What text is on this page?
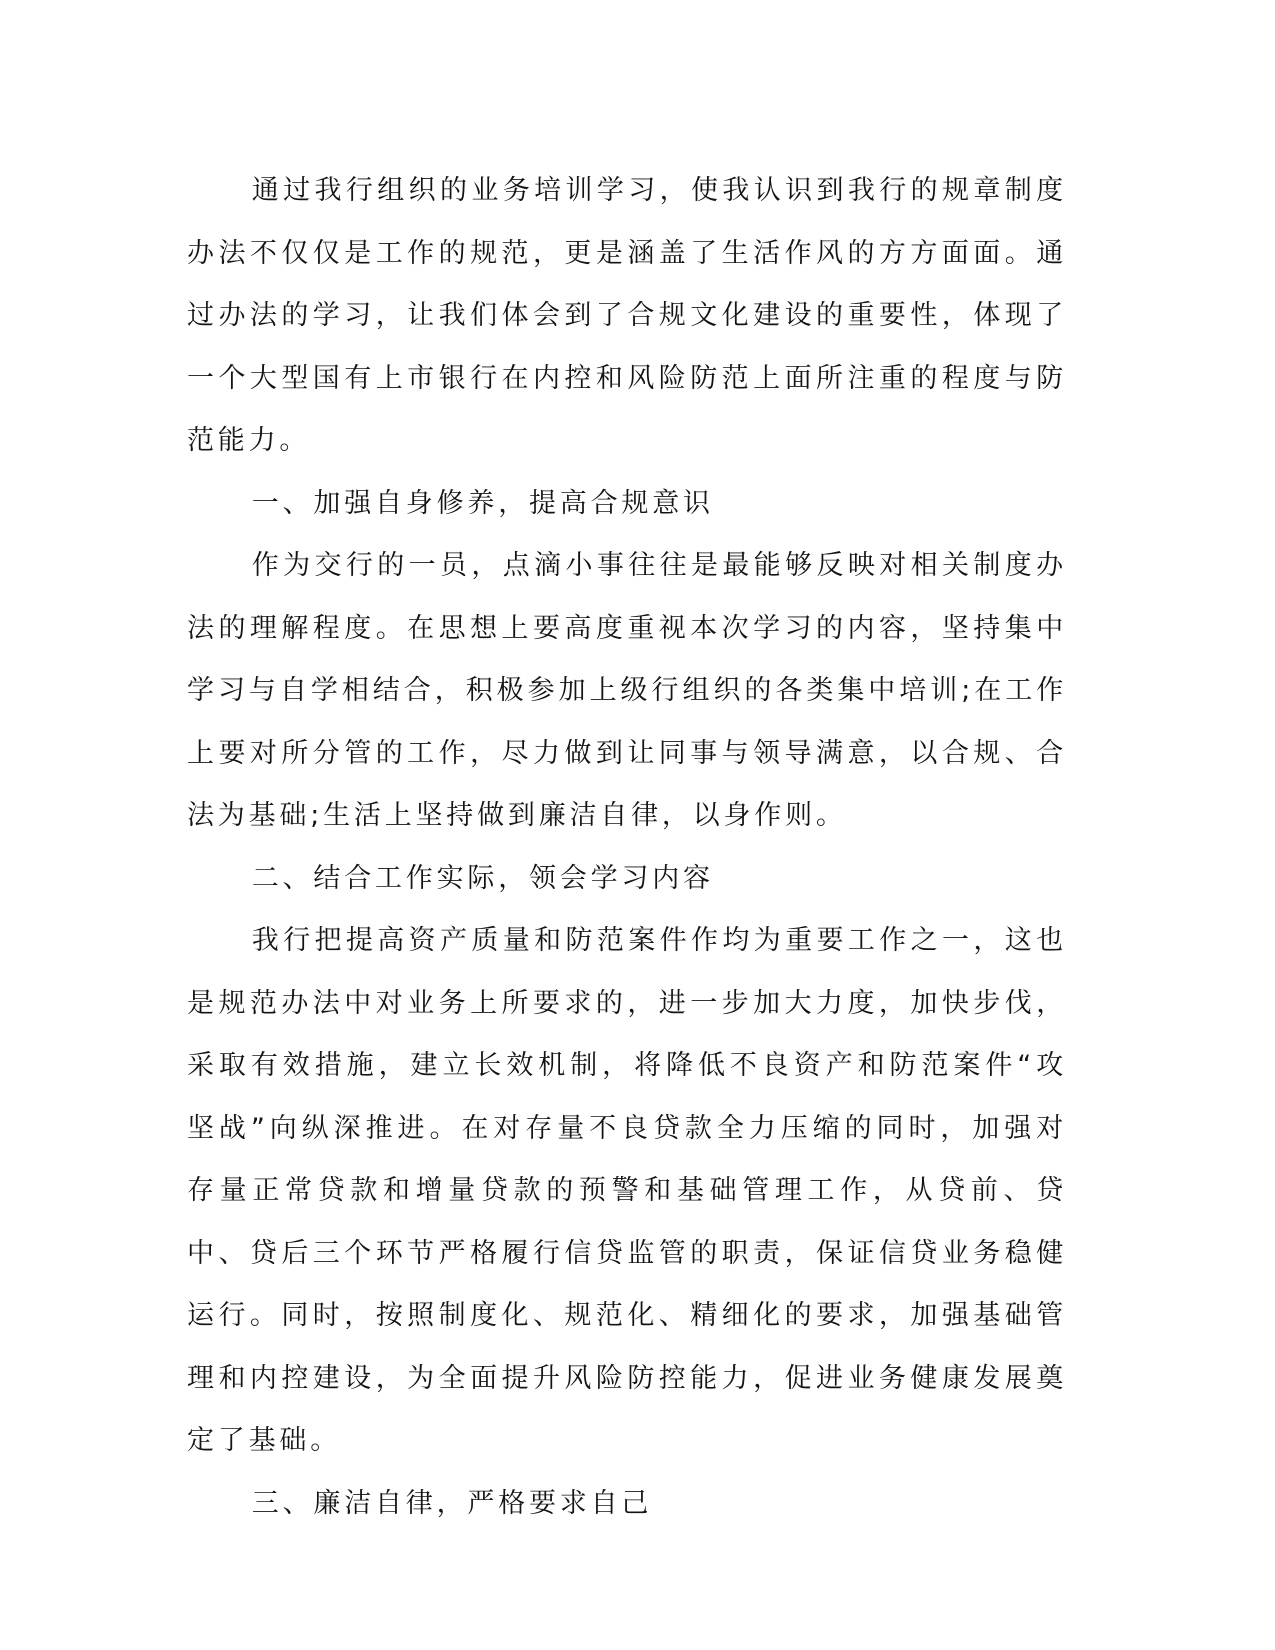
通过我行组织的业务培训学习，使我认识到我行的规章制度办法不仅仅是工作的规范，更是涵盖了生活作风的方方面面。通过办法的学习，让我们体会到了合规文化建设的重要性，体现了一个大型国有上市银行在内控和风险防范上面所注重的程度与防范能力。

一、加强自身修养，提高合规意识

作为交行的一员，点滴小事往往是最能够反映对相关制度办法的理解程度。在思想上要高度重视本次学习的内容，坚持集中学习与自学相结合，积极参加上级行组织的各类集中培训;在工作上要对所分管的工作，尽力做到让同事与领导满意，以合规、合法为基础;生活上坚持做到廉洁自律，以身作则。

二、结合工作实际，领会学习内容

我行把提高资产质量和防范案件作均为重要工作之一，这也是规范办法中对业务上所要求的，进一步加大力度，加快步伐，采取有效措施，建立长效机制，将降低不良资产和防范案件“攻坚战”向纵深推进。在对存量不良贷款全力压缩的同时，加强对存量正常贷款和增量贷款的预警和基础管理工作，从贷前、贷中、贷后三个环节严格履行信贷监管的职责，保证信贷业务稳健运行。同时，按照制度化、规范化、精细化的要求，加强基础管理和内控建设，为全面提升风险防控能力，促进业务健康发展奠定了基础。

三、廉洁自律，严格要求自己
